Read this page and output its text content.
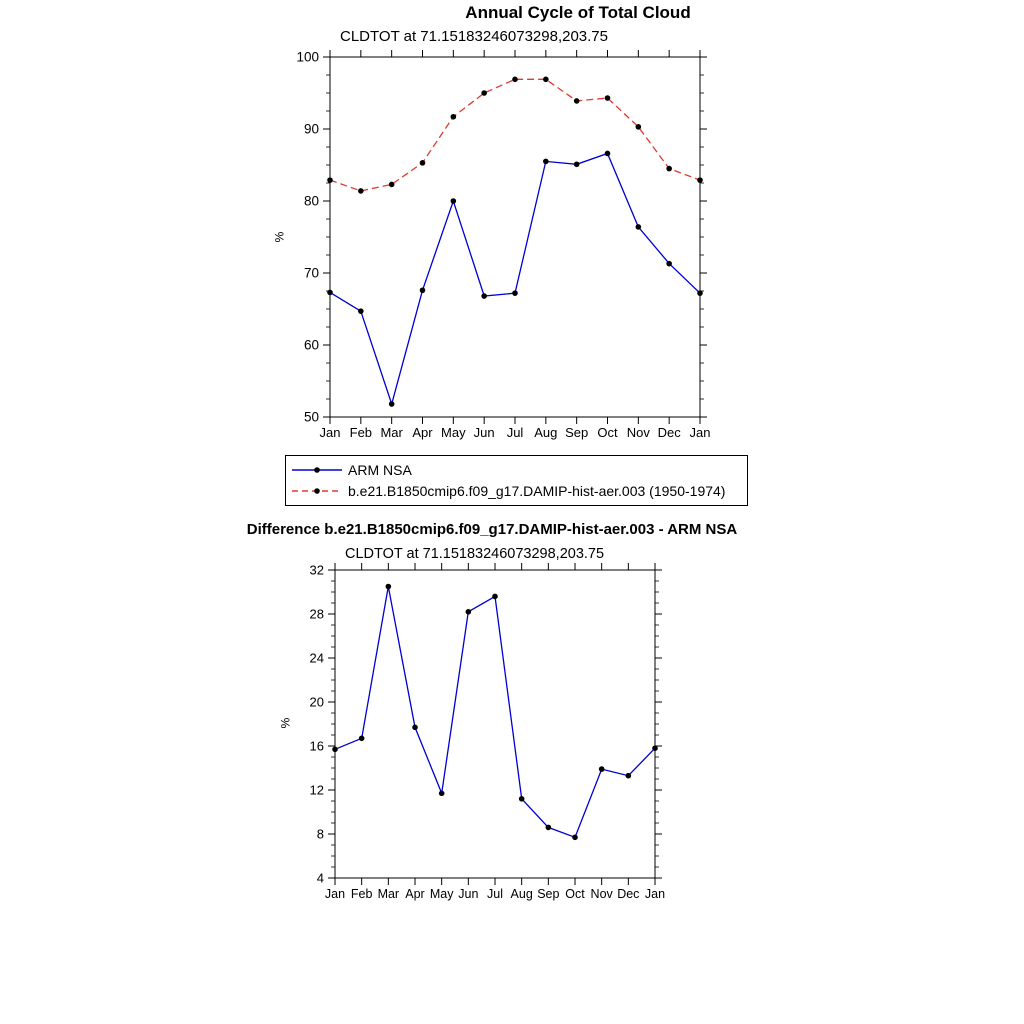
Annual Cycle of Total Cloud
CLDTOT at 71.15183246073298,203.75
%
50
60
70
80
90
100
Jan Feb Mar Apr May Jun Jul Aug Sep Oct Nov Dec Jan
ARM NSA
b.e21.B1850cmip6.f09_g17.DAMIP-hist-aer.003 (1950-1974)
Difference b.e21.B1850cmip6.f09_g17.DAMIP-hist-aer.003 - ARM NSA
CLDTOT at 71.15183246073298,203.75
%
4
8
12
16
20
24
28
32
Jan Feb Mar Apr May Jun Jul Aug Sep Oct Nov Dec Jan
